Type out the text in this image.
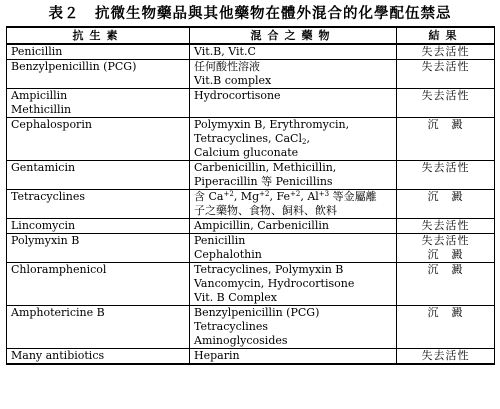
表２　抗微生物藥品與其他藥物在體外混合的化學配伍禁忌
抗生素	混合之藥物	結果

Penicillin	Vit.B, Vit.C	失去活性

Benzylpenicillin (PCG)	任何酸性溶液
Vit.B complex	失去活性

Ampicillin
Methicillin	Hydrocortisone	失去活性

Cephalosporin	Polymyxin B, Erythromycin,
Tetracyclines, CaCl$_2$,
Calcium gluconate	沉　澱

Gentamicin	Carbenicillin, Methicillin,
Piperacillin 等 Penicillins	失去活性

Tetracyclines	含 $Ca^{+2}$, $Mg^{+2}$, $Fe^{+2}$, $Al^{+3}$ 等金屬離
子之藥物、食物、飼料、飲料	沉　澱

Lincomycin	Ampicillin, Carbenicillin	失去活性

Polymyxin B	Penicillin
Cephalothin	失去活性
沉　澱

Chloramphenicol	Tetracyclines, Polymyxin B
Vancomycin, Hydrocortisone
Vit. B Complex	沉　澱

Amphotericine B	Benzylpenicillin (PCG)
Tetracyclines
Aminoglycosides	沉　澱

Many antibiotics	Heparin	失去活性
